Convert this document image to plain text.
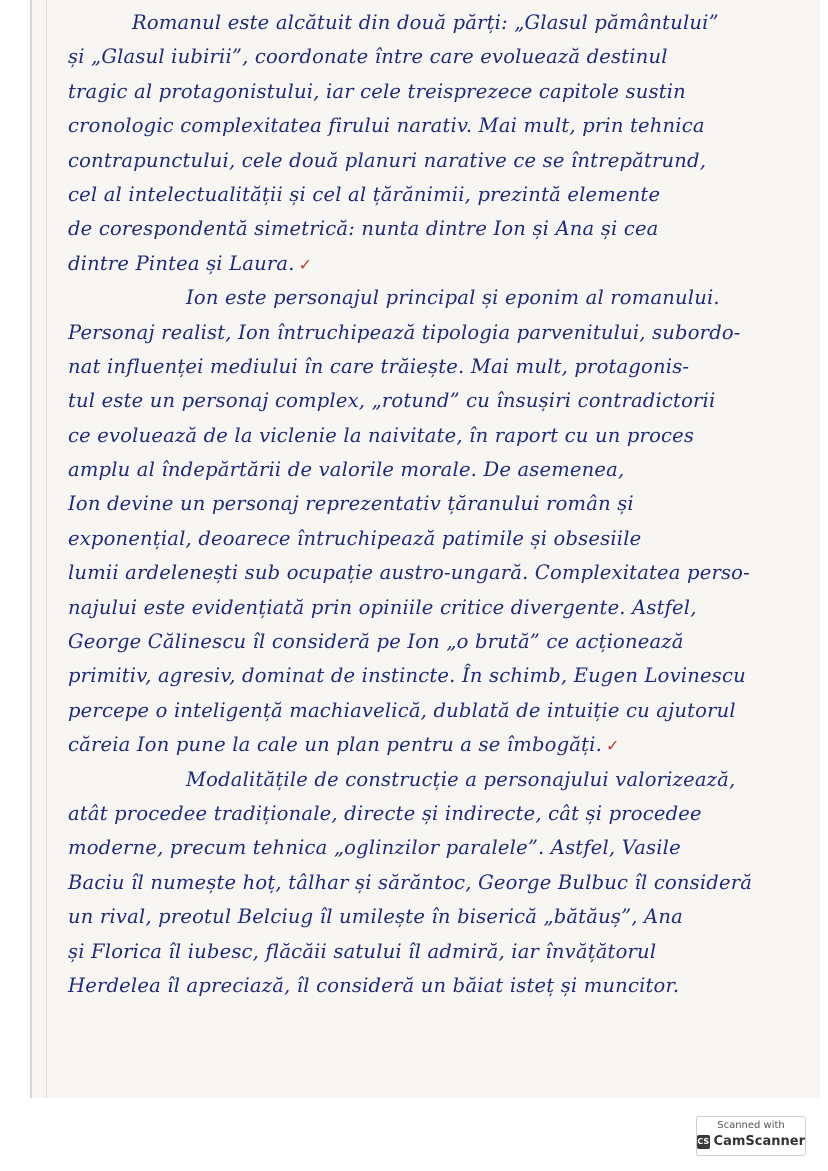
Romanul este alcătuit din două părți: „Glasul pământului”
și „Glasul iubirii”, coordonate între care evoluează destinul
tragic al protagonistului, iar cele treisprezece capitole sustin
cronologic complexitatea firului narativ. Mai mult, prin tehnica
contrapunctului, cele două planuri narative ce se întrepătrund,
cel al intelectualității și cel al țărănimii, prezintă elemente
de corespondentă simetrică: nunta dintre Ion și Ana și cea
dintre Pintea și Laura. ✓
Ion este personajul principal și eponim al romanului.
Personaj realist, Ion întruchipează tipologia parvenitului, subordo-
nat influenței mediului în care trăiește. Mai mult, protagonis-
tul este un personaj complex, „rotund” cu însușiri contradictorii
ce evoluează de la viclenie la naivitate, în raport cu un proces
amplu al îndepărtării de valorile morale. De asemenea,
Ion devine un personaj reprezentativ țăranului român și
exponențial, deoarece întruchipează patimile și obsesiile
lumii ardelenești sub ocupație austro-ungară. Complexitatea perso-
najului este evidențiată prin opiniile critice divergente. Astfel,
George Călinescu îl consideră pe Ion „o brută” ce acționează
primitiv, agresiv, dominat de instincte. În schimb, Eugen Lovinescu
percepe o inteligență machiavelică, dublată de intuiție cu ajutorul
căreia Ion pune la cale un plan pentru a se îmbogăți. ✓
Modalitățile de construcție a personajului valorizează,
atât procedee tradiționale, directe și indirecte, cât și procedee
moderne, precum tehnica „oglinzilor paralele”. Astfel, Vasile
Baciu îl numește hoț, tâlhar și sărăntoc, George Bulbuc îl consideră
un rival, preotul Belciug îl umilește în biserică „bătăuș”, Ana
și Florica îl iubesc, flăcăii satului îl admiră, iar învățătorul
Herdelea îl apreciază, îl consideră un băiat isteț și muncitor.
Scanned with
CS CamScanner
